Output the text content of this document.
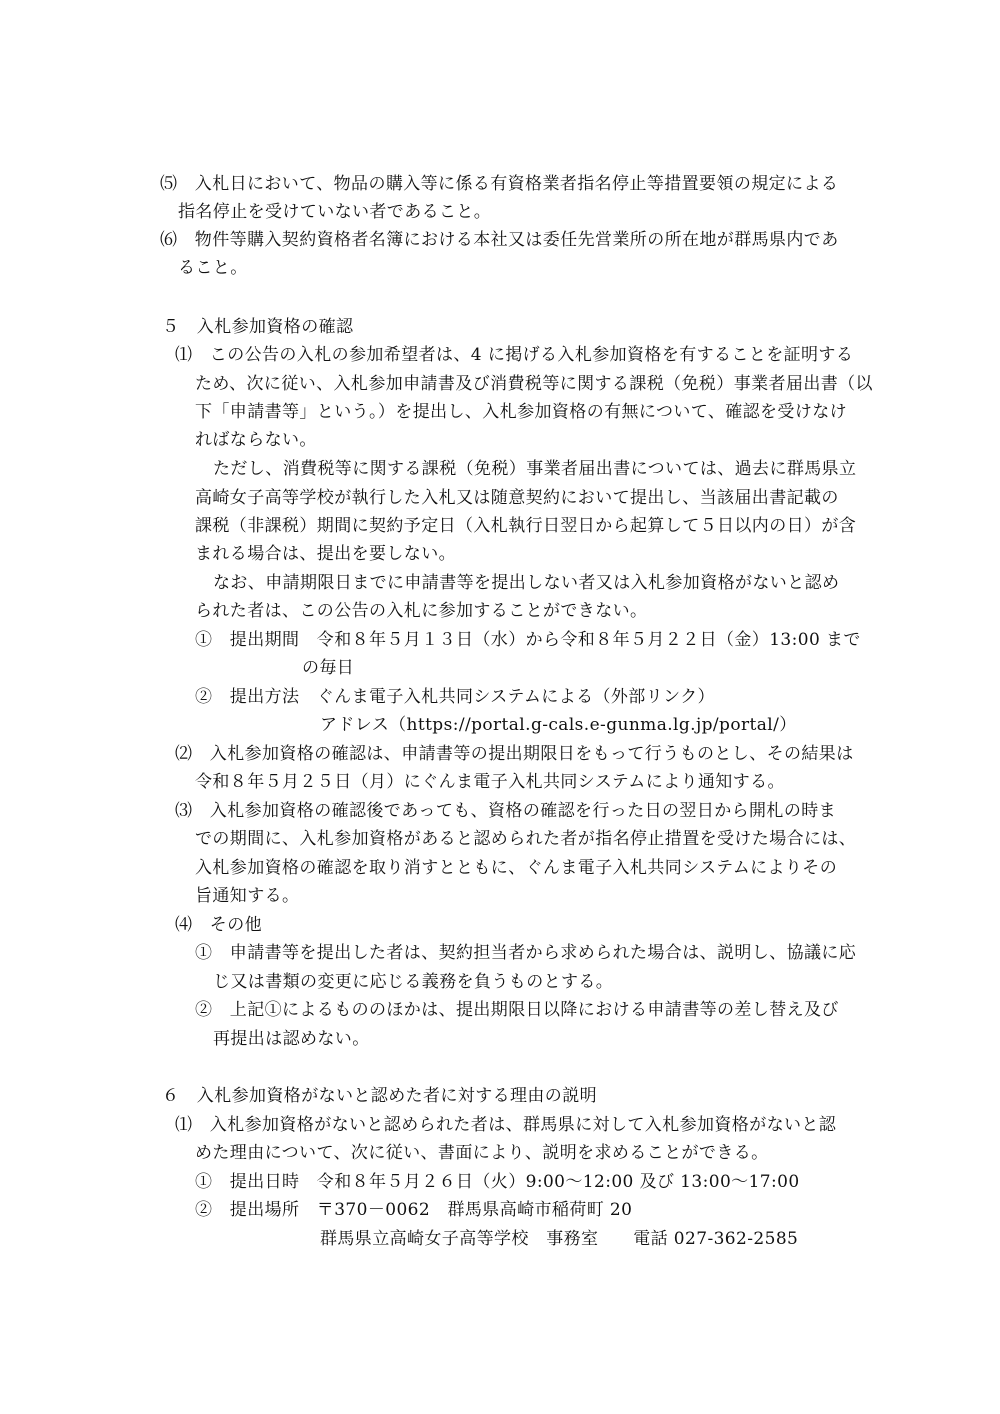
⑸　入札日において、物品の購入等に係る有資格業者指名停止等措置要領の規定による
指名停止を受けていない者であること。
⑹　物件等購入契約資格者名簿における本社又は委任先営業所の所在地が群馬県内であ
ること。
５　入札参加資格の確認
⑴　この公告の入札の参加希望者は、4 に掲げる入札参加資格を有することを証明する
ため、次に従い、入札参加申請書及び消費税等に関する課税（免税）事業者届出書（以
下「申請書等」という。）を提出し、入札参加資格の有無について、確認を受けなけ
ればならない。
ただし、消費税等に関する課税（免税）事業者届出書については、過去に群馬県立
高崎女子高等学校が執行した入札又は随意契約において提出し、当該届出書記載の
課税（非課税）期間に契約予定日（入札執行日翌日から起算して５日以内の日）が含
まれる場合は、提出を要しない。
なお、申請期限日までに申請書等を提出しない者又は入札参加資格がないと認め
られた者は、この公告の入札に参加することができない。
①　提出期間　令和８年５月１３日（水）から令和８年５月２２日（金）13:00 まで
の毎日
②　提出方法　ぐんま電子入札共同システムによる（外部リンク）
アドレス（https://portal.g-cals.e-gunma.lg.jp/portal/）
⑵　入札参加資格の確認は、申請書等の提出期限日をもって行うものとし、その結果は
令和８年５月２５日（月）にぐんま電子入札共同システムにより通知する。
⑶　入札参加資格の確認後であっても、資格の確認を行った日の翌日から開札の時ま
での期間に、入札参加資格があると認められた者が指名停止措置を受けた場合には、
入札参加資格の確認を取り消すとともに、ぐんま電子入札共同システムによりその
旨通知する。
⑷　その他
①　申請書等を提出した者は、契約担当者から求められた場合は、説明し、協議に応
じ又は書類の変更に応じる義務を負うものとする。
②　上記①によるもののほかは、提出期限日以降における申請書等の差し替え及び
再提出は認めない。
６　入札参加資格がないと認めた者に対する理由の説明
⑴　入札参加資格がないと認められた者は、群馬県に対して入札参加資格がないと認
めた理由について、次に従い、書面により、説明を求めることができる。
①　提出日時　令和８年５月２６日（火）9:00～12:00 及び 13:00～17:00
②　提出場所　〒370－0062　群馬県高崎市稲荷町 20
群馬県立高崎女子高等学校　事務室　　電話 027-362-2585
